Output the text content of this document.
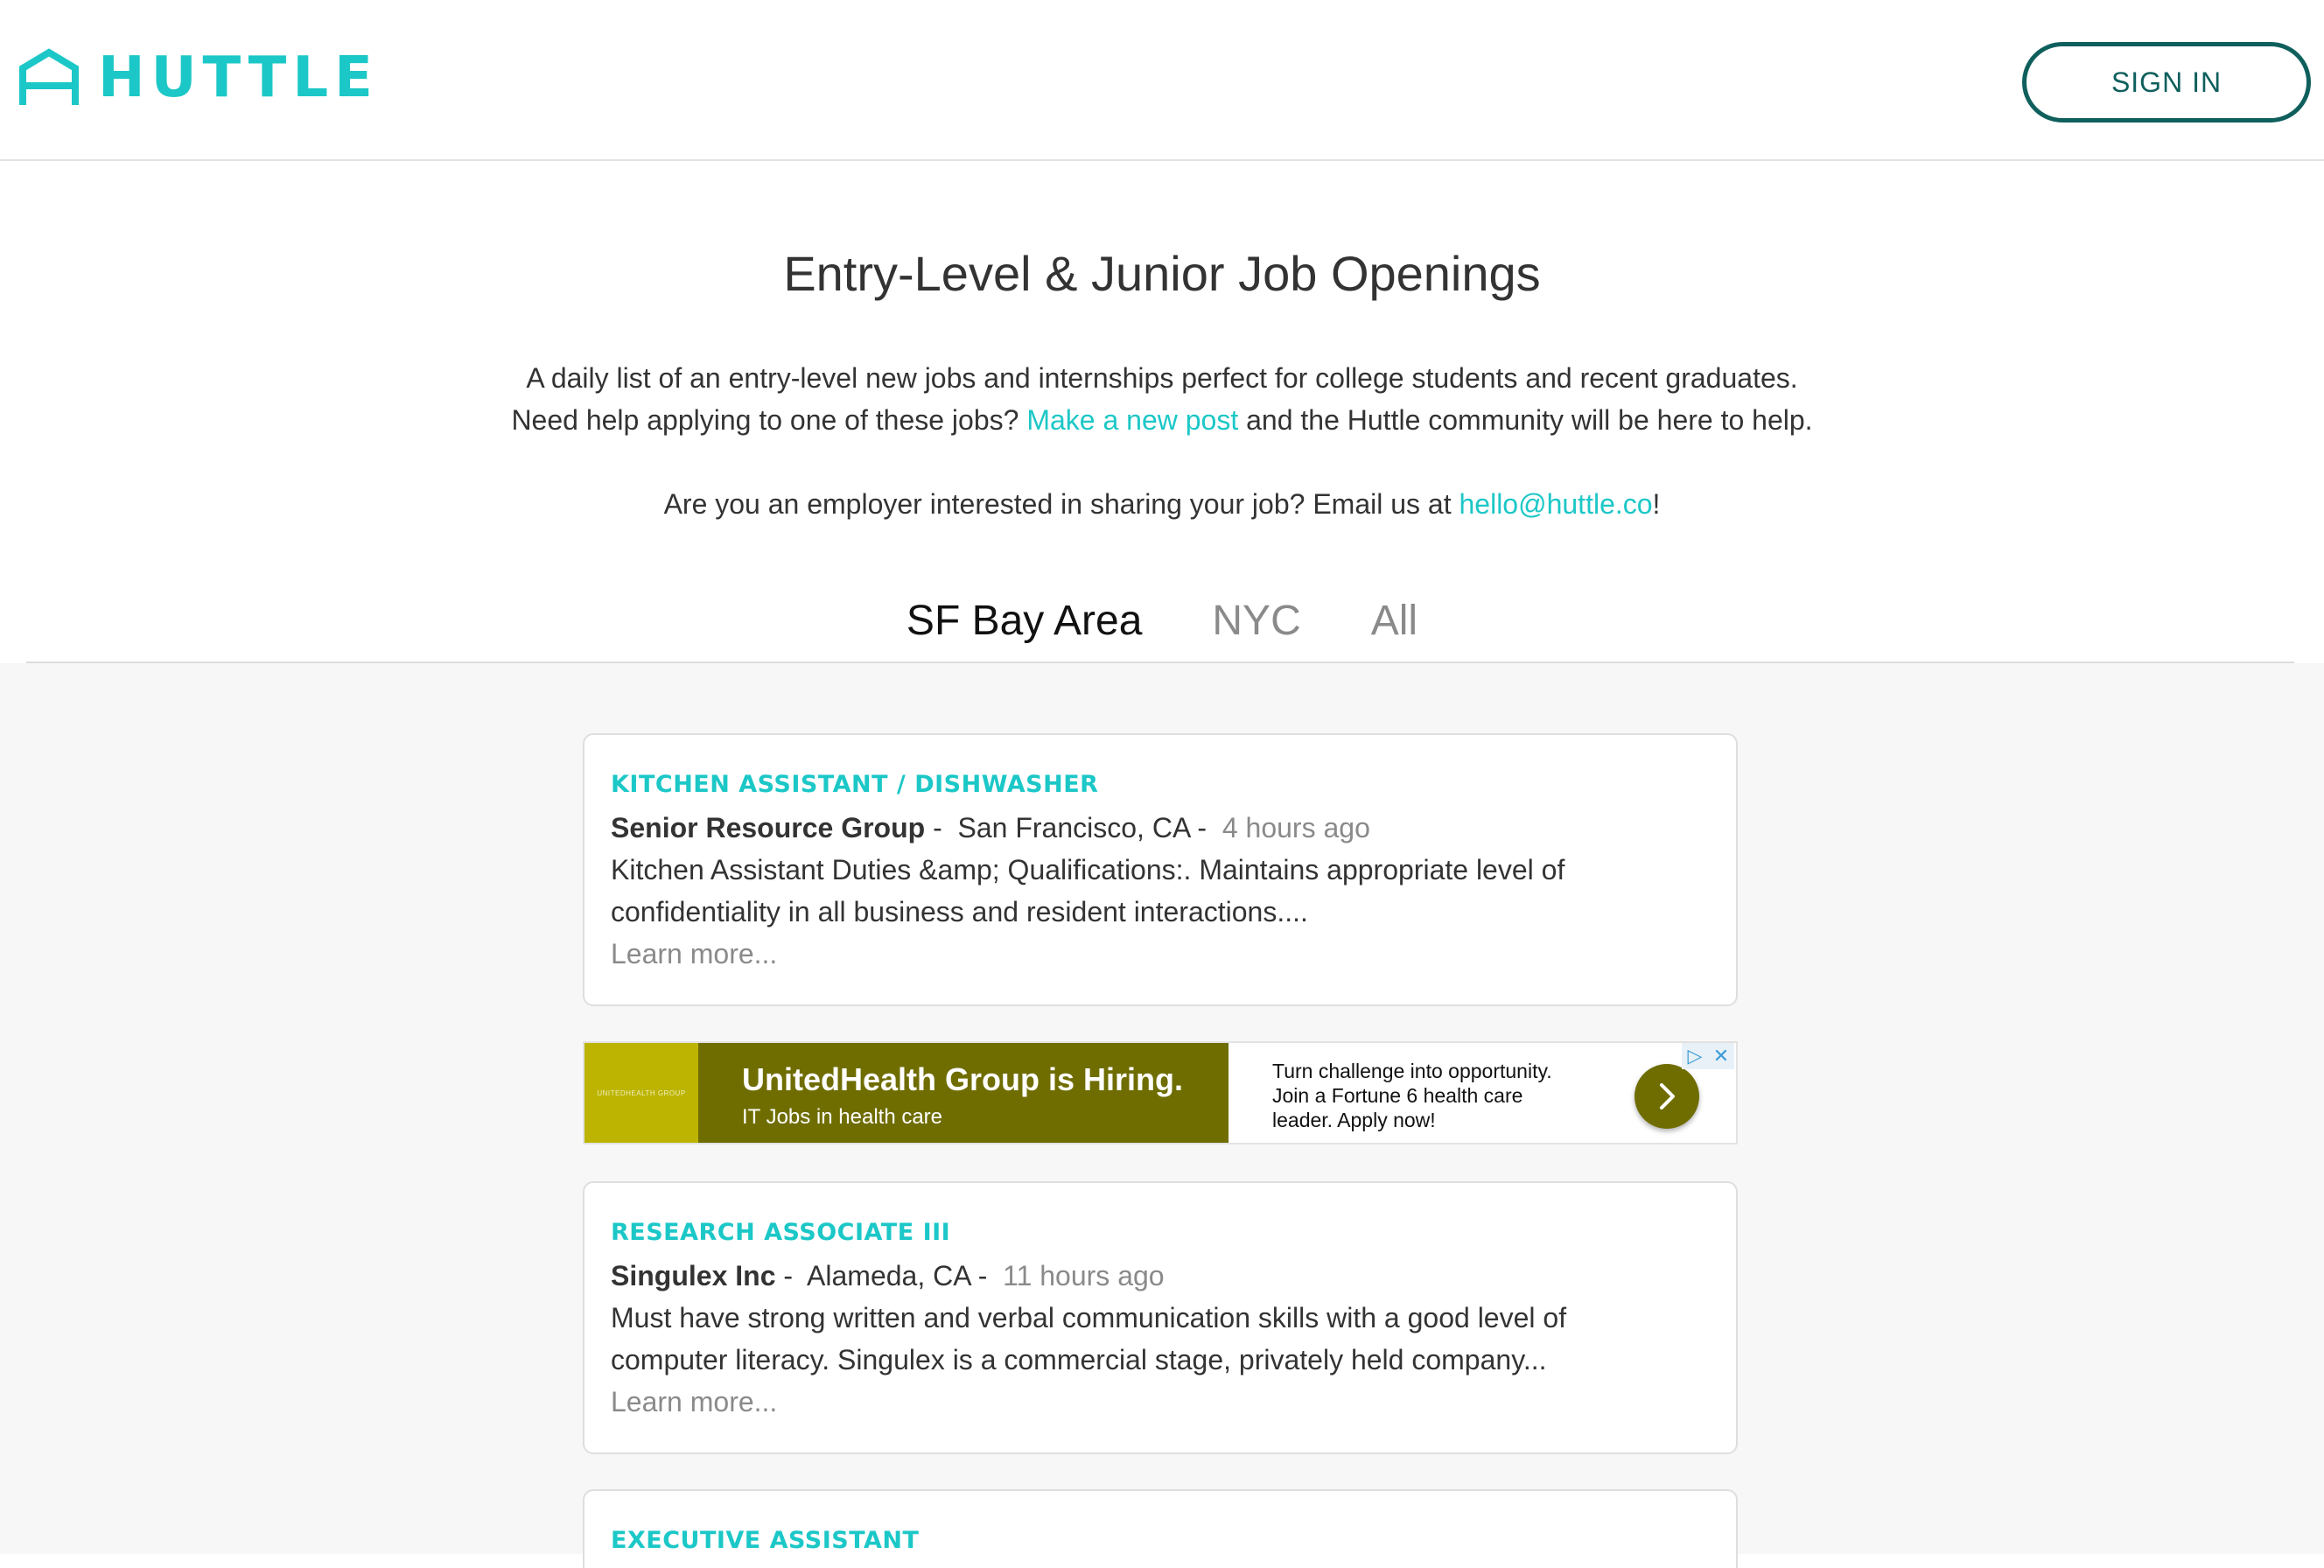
HUTTLE	SIGN IN
Entry-Level & Junior Job Openings

A daily list of an entry-level new jobs and internships perfect for college students and recent graduates.

Need help applying to one of these jobs? Make a new post and the Huttle community will be here to help.

Are you an employer interested in sharing your job? Email us at hello@huttle.co!

SF Bay Area NYC All
KITCHEN ASSISTANT / DISHWASHER
Senior Resource Group -  San Francisco, CA -  4 hours ago
Kitchen Assistant Duties &amp; Qualifications:. Maintains appropriate level of
confidentiality in all business and resident interactions....
Learn more...
UNITEDHEALTH GROUP	UnitedHealth Group is Hiring.
IT Jobs in health care
Turn challenge into opportunity.
Join a Fortune 6 health care
leader. Apply now!
▷ ✕
RESEARCH ASSOCIATE III
Singulex Inc -  Alameda, CA -  11 hours ago
Must have strong written and verbal communication skills with a good level of
computer literacy. Singulex is a commercial stage, privately held company...
Learn more...
EXECUTIVE ASSISTANT
